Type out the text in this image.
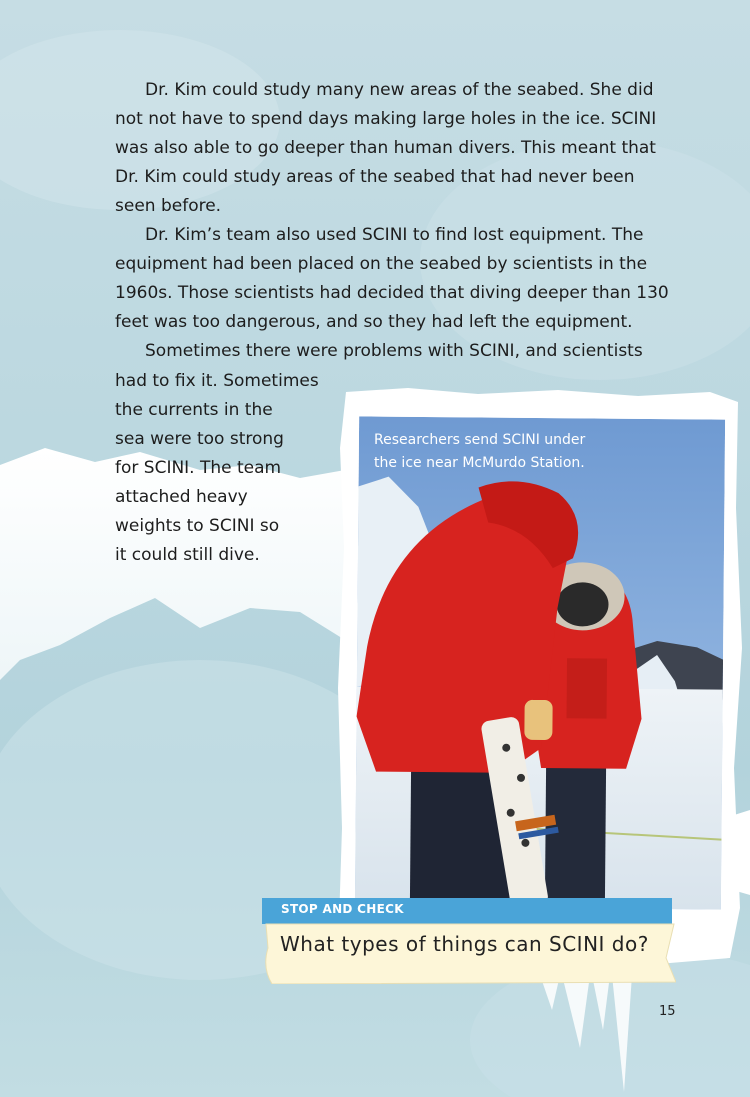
Dr. Kim could study many new areas of the seabed. She did not not have to spend days making large holes in the ice. SCINI was also able to go deeper than human divers. This meant that Dr. Kim could study areas of the seabed that had never been seen before.

Dr. Kim’s team also used SCINI to find lost equipment. The equipment had been placed on the seabed by scientists in the 1960s. Those scientists had decided that diving deeper than 130 feet was too dangerous, and so they had left the equipment.

Sometimes there were problems with SCINI, and scientists

had to fix it. Sometimes

the currents in the

sea were too strong

for SCINI. The team

attached heavy

weights to SCINI so

it could still dive.

Researchers send SCINI under
the ice near McMurdo Station.

STOP AND CHECK
What types of things can SCINI do?
15
